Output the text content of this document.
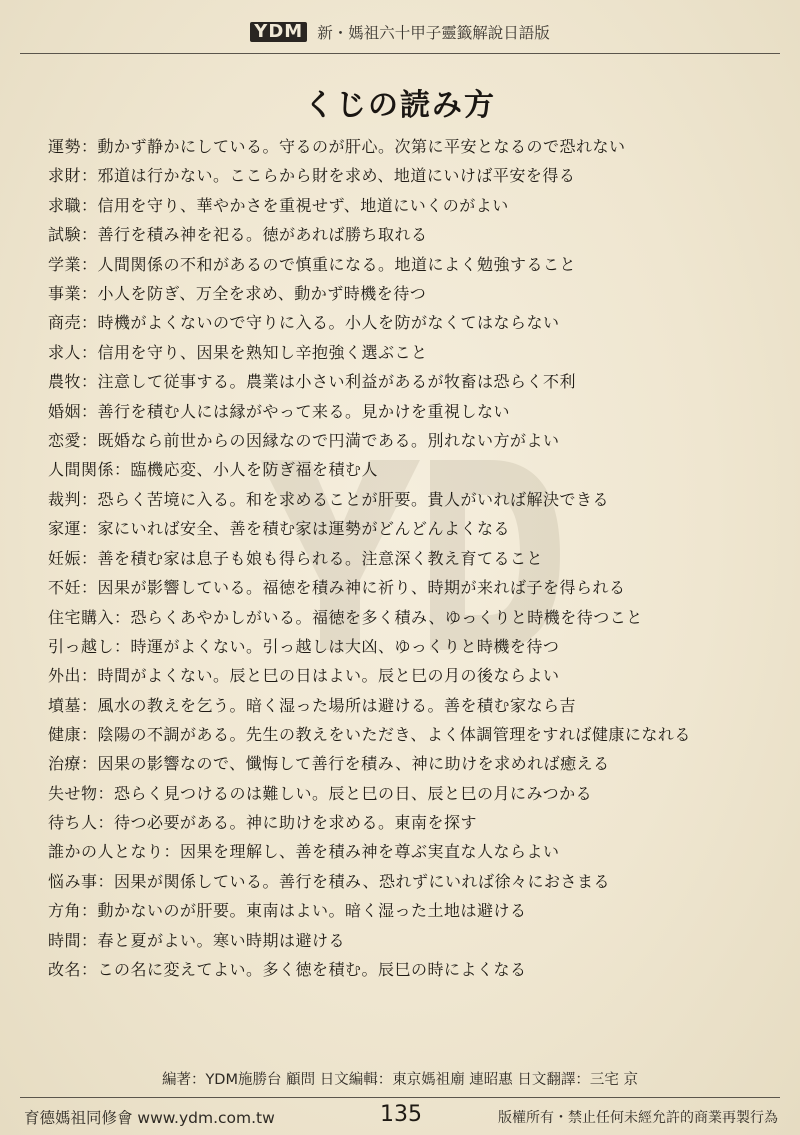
YDM 新・媽祖六十甲子靈籤解說日語版
くじの読み方
運勢：動かず静かにしている。守るのが肝心。次第に平安となるので恐れない
求財：邪道は行かない。ここらから財を求め、地道にいけば平安を得る
求職：信用を守り、華やかさを重視せず、地道にいくのがよい
試験：善行を積み神を祀る。徳があれば勝ち取れる
学業：人間関係の不和があるので慎重になる。地道によく勉強すること
事業：小人を防ぎ、万全を求め、動かず時機を待つ
商売：時機がよくないので守りに入る。小人を防がなくてはならない
求人：信用を守り、因果を熟知し辛抱強く選ぶこと
農牧：注意して従事する。農業は小さい利益があるが牧畜は恐らく不利
婚姻：善行を積む人には縁がやって来る。見かけを重視しない
恋愛：既婚なら前世からの因縁なので円満である。別れない方がよい
人間関係：臨機応変、小人を防ぎ福を積む人
裁判：恐らく苦境に入る。和を求めることが肝要。貴人がいれば解決できる
家運：家にいれば安全、善を積む家は運勢がどんどんよくなる
妊娠：善を積む家は息子も娘も得られる。注意深く教え育てること
不妊：因果が影響している。福徳を積み神に祈り、時期が来れば子を得られる
住宅購入：恐らくあやかしがいる。福徳を多く積み、ゆっくりと時機を待つこと
引っ越し：時運がよくない。引っ越しは大凶、ゆっくりと時機を待つ
外出：時間がよくない。辰と巳の日はよい。辰と巳の月の後ならよい
墳墓：風水の教えを乞う。暗く湿った場所は避ける。善を積む家なら吉
健康：陰陽の不調がある。先生の教えをいただき、よく体調管理をすれば健康になれる
治療：因果の影響なので、懺悔して善行を積み、神に助けを求めれば癒える
失せ物：恐らく見つけるのは難しい。辰と巳の日、辰と巳の月にみつかる
待ち人：待つ必要がある。神に助けを求める。東南を探す
誰かの人となり：因果を理解し、善を積み神を尊ぶ実直な人ならよい
悩み事：因果が関係している。善行を積み、恐れずにいれば徐々におさまる
方角：動かないのが肝要。東南はよい。暗く湿った土地は避ける
時間：春と夏がよい。寒い時期は避ける
改名：この名に変えてよい。多く徳を積む。辰巳の時によくなる
編著：YDM施勝台 顧問 日文編輯：東京媽祖廟 連昭惠 日文翻譯：三宅 京
育德媽祖同修會 www.ydm.com.tw	135	版權所有・禁止任何未經允許的商業再製行為
